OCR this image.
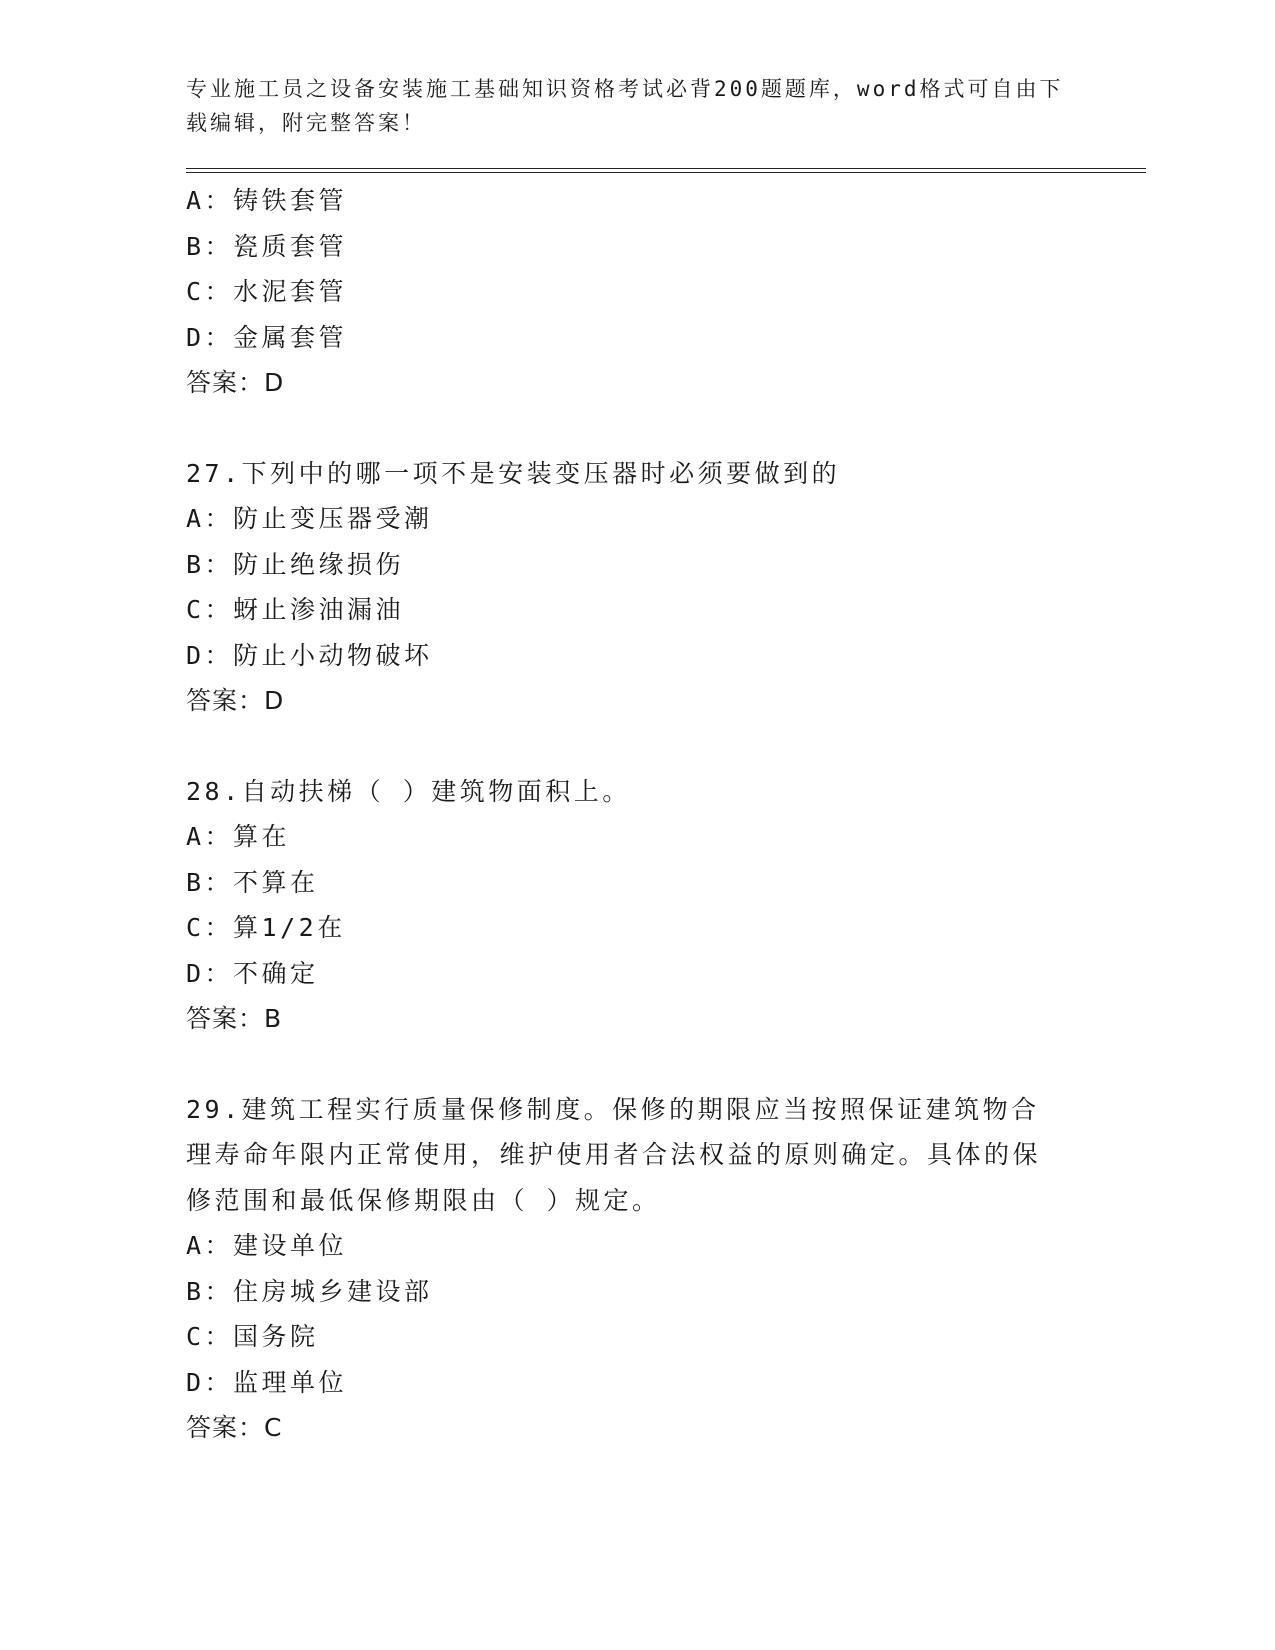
专业施工员之设备安装施工基础知识资格考试必背200题题库，word格式可自由下载编辑，附完整答案！

A：铸铁套管

B：瓷质套管

C：水泥套管

D：金属套管

答案：D

27.下列中的哪一项不是安装变压器时必须要做到的

A：防止变压器受潮

B：防止绝缘损伤

C：蚜止渗油漏油

D：防止小动物破坏

答案：D

28.自动扶梯（ ）建筑物面积上。

A：算在

B：不算在

C：算1/2在

D：不确定

答案：B

29.建筑工程实行质量保修制度。保修的期限应当按照保证建筑物合理寿命年限内正常使用，维护使用者合法权益的原则确定。具体的保修范围和最低保修期限由（ ）规定。

A：建设单位

B：住房城乡建设部

C：国务院

D：监理单位

答案：C
